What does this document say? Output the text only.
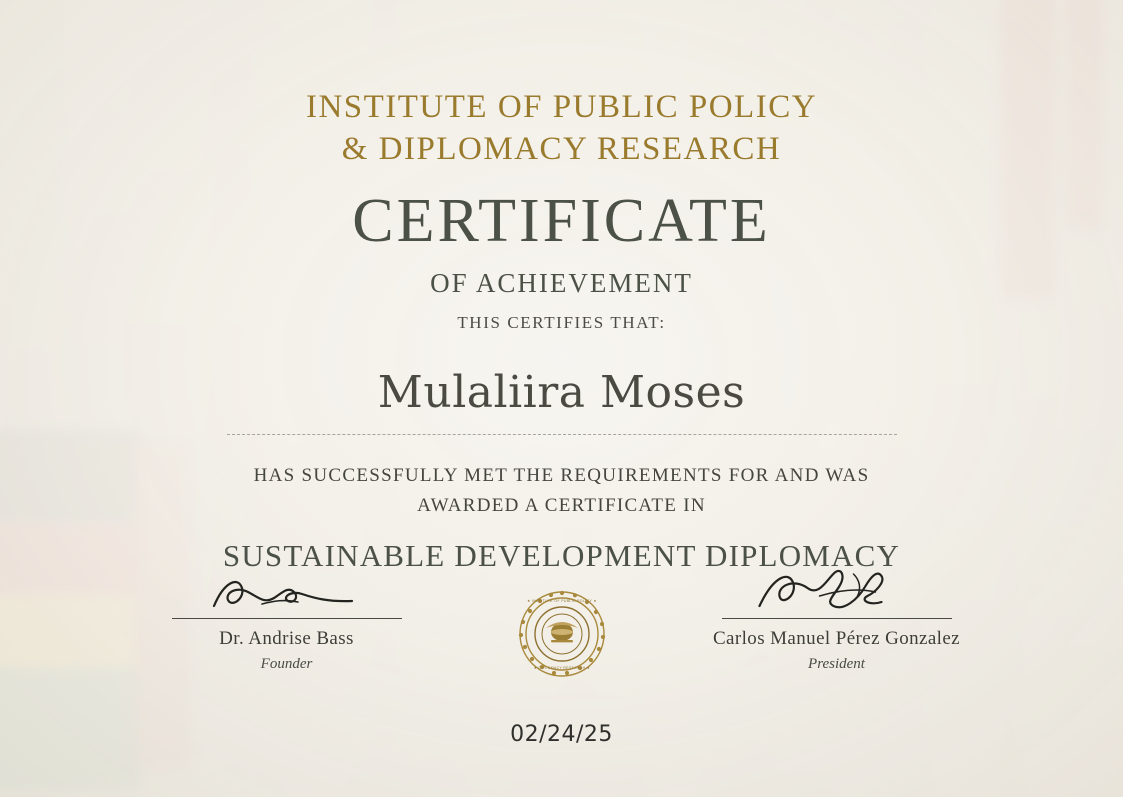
INSTITUTE OF PUBLIC POLICY
& DIPLOMACY RESEARCH
CERTIFICATE
OF ACHIEVEMENT
THIS CERTIFIES THAT:
Mulaliira Moses
HAS SUCCESSFULLY MET THE REQUIREMENTS FOR AND WAS
AWARDED A CERTIFICATE IN
SUSTAINABLE DEVELOPMENT DIPLOMACY
Dr. Andrise Bass
Founder
★ INSTITUTE OF PUBLIC POLICY ★
★ DIPLOMACY RESEARCH ★
Carlos Manuel Pérez Gonzalez
President
02/24/25
